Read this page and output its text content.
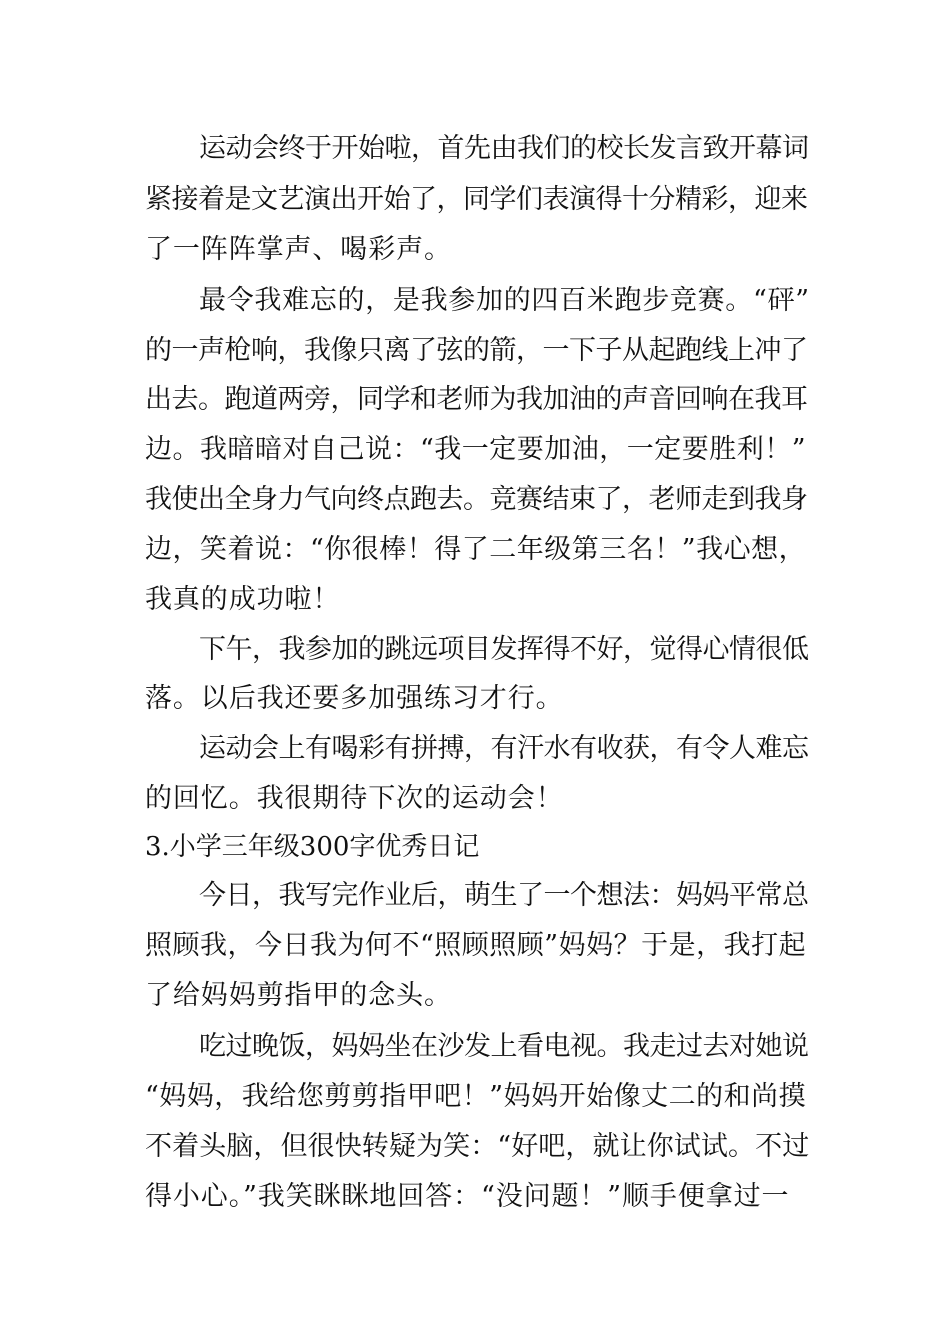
运动会终于开始啦，首先由我们的校长发言致开幕词
紧接着是文艺演出开始了，同学们表演得十分精彩，迎来
了一阵阵掌声、喝彩声。
最令我难忘的，是我参加的四百米跑步竞赛。“砰”
的一声枪响，我像只离了弦的箭，一下子从起跑线上冲了
出去。跑道两旁，同学和老师为我加油的声音回响在我耳
边。我暗暗对自己说：“我一定要加油，一定要胜利！”
我使出全身力气向终点跑去。竞赛结束了，老师走到我身
边，笑着说：“你很棒！得了二年级第三名！”我心想，
我真的成功啦！
下午，我参加的跳远项目发挥得不好，觉得心情很低
落。以后我还要多加强练习才行。
运动会上有喝彩有拼搏，有汗水有收获，有令人难忘
的回忆。我很期待下次的运动会！
3.小学三年级300字优秀日记
今日，我写完作业后，萌生了一个想法：妈妈平常总
照顾我，今日我为何不“照顾照顾”妈妈？于是，我打起
了给妈妈剪指甲的念头。
吃过晚饭，妈妈坐在沙发上看电视。我走过去对她说
“妈妈，我给您剪剪指甲吧！”妈妈开始像丈二的和尚摸
不着头脑，但很快转疑为笑：“好吧，就让你试试。不过
得小心。”我笑眯眯地回答：“没问题！”顺手便拿过一
